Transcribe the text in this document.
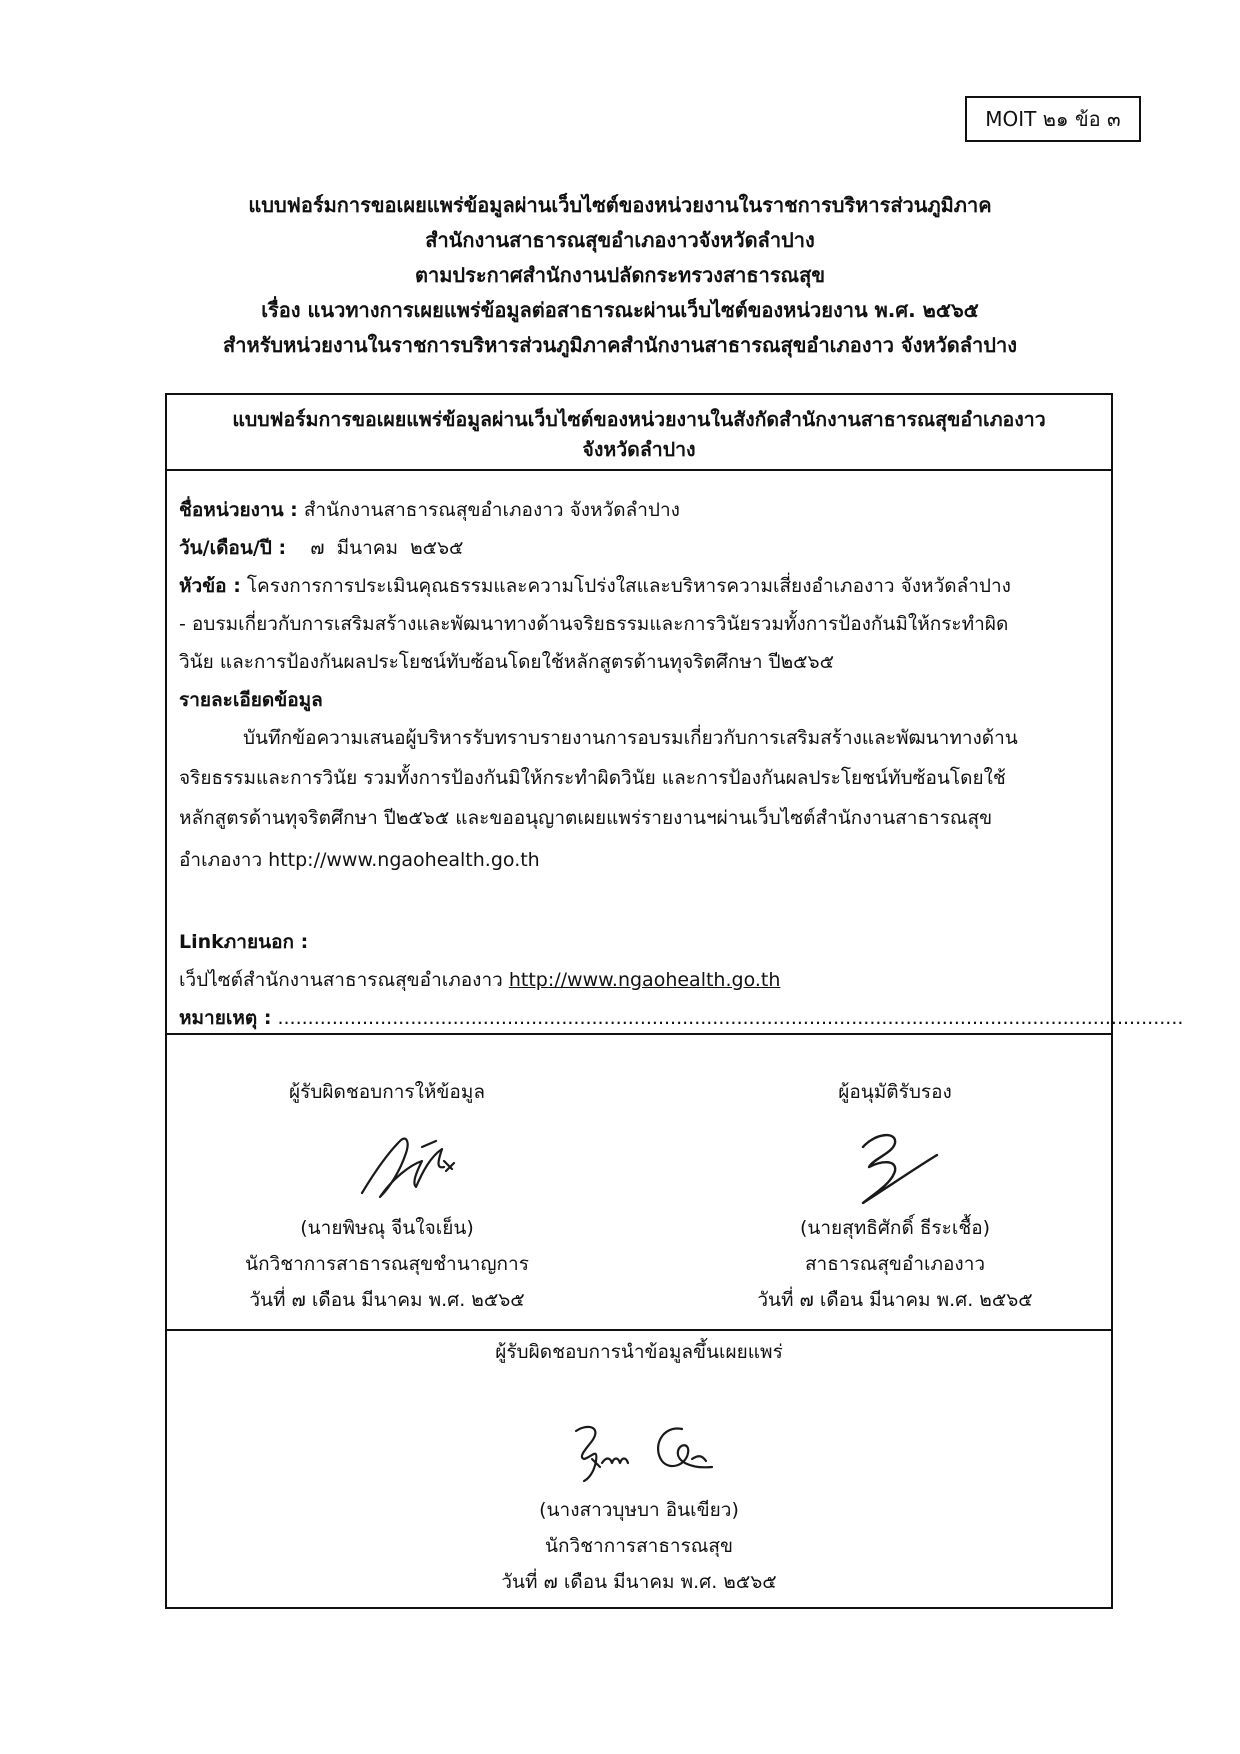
MOIT ๒๑ ข้อ ๓
แบบฟอร์มการขอเผยแพร่ข้อมูลผ่านเว็บไซต์ของหน่วยงานในราชการบริหารส่วนภูมิภาค
สำนักงานสาธารณสุขอำเภองาวจังหวัดลำปาง
ตามประกาศสำนักงานปลัดกระทรวงสาธารณสุข
เรื่อง แนวทางการเผยแพร่ข้อมูลต่อสาธารณะผ่านเว็บไซต์ของหน่วยงาน พ.ศ. ๒๕๖๕
สำหรับหน่วยงานในราชการบริหารส่วนภูมิภาคสำนักงานสาธารณสุขอำเภองาว จังหวัดลำปาง
แบบฟอร์มการขอเผยแพร่ข้อมูลผ่านเว็บไซต์ของหน่วยงานในสังกัดสำนักงานสาธารณสุขอำเภองาว
จังหวัดลำปาง
ชื่อหน่วยงาน : สำนักงานสาธารณสุขอำเภองาว จังหวัดลำปาง
วัน/เดือน/ปี :    ๗  มีนาคม  ๒๕๖๕
หัวข้อ : โครงการการประเมินคุณธรรมและความโปร่งใสและบริหารความเสี่ยงอำเภองาว จังหวัดลำปาง
- อบรมเกี่ยวกับการเสริมสร้างและพัฒนาทางด้านจริยธรรมและการวินัยรวมทั้งการป้องกันมิให้กระทำผิด
วินัย และการป้องกันผลประโยชน์ทับซ้อนโดยใช้หลักสูตรด้านทุจริตศึกษา ปี๒๕๖๕
รายละเอียดข้อมูล
บันทึกข้อความเสนอผู้บริหารรับทราบรายงานการอบรมเกี่ยวกับการเสริมสร้างและพัฒนาทางด้าน
จริยธรรมและการวินัย รวมทั้งการป้องกันมิให้กระทำผิดวินัย และการป้องกันผลประโยชน์ทับซ้อนโดยใช้
หลักสูตรด้านทุจริตศึกษา ปี๒๕๖๕ และขออนุญาตเผยแพร่รายงานฯผ่านเว็บไซต์สำนักงานสาธารณสุข
อำเภองาว http://www.ngaohealth.go.th
Linkภายนอก :
เว็ปไซต์สำนักงานสาธารณสุขอำเภองาว http://www.ngaohealth.go.th
หมายเหตุ : ......................................................................................................................................................
ผู้รับผิดชอบการให้ข้อมูล
(นายพิษณุ จีนใจเย็น)
นักวิชาการสาธารณสุขชำนาญการ
วันที่ ๗ เดือน มีนาคม พ.ศ. ๒๕๖๕
ผู้อนุมัติรับรอง
(นายสุทธิศักดิ์ ธีระเชื้อ)
สาธารณสุขอำเภองาว
วันที่ ๗ เดือน มีนาคม พ.ศ. ๒๕๖๕
ผู้รับผิดชอบการนำข้อมูลขึ้นเผยแพร่
(นางสาวบุษบา อินเขียว)
นักวิชาการสาธารณสุข
วันที่ ๗ เดือน มีนาคม พ.ศ. ๒๕๖๕
